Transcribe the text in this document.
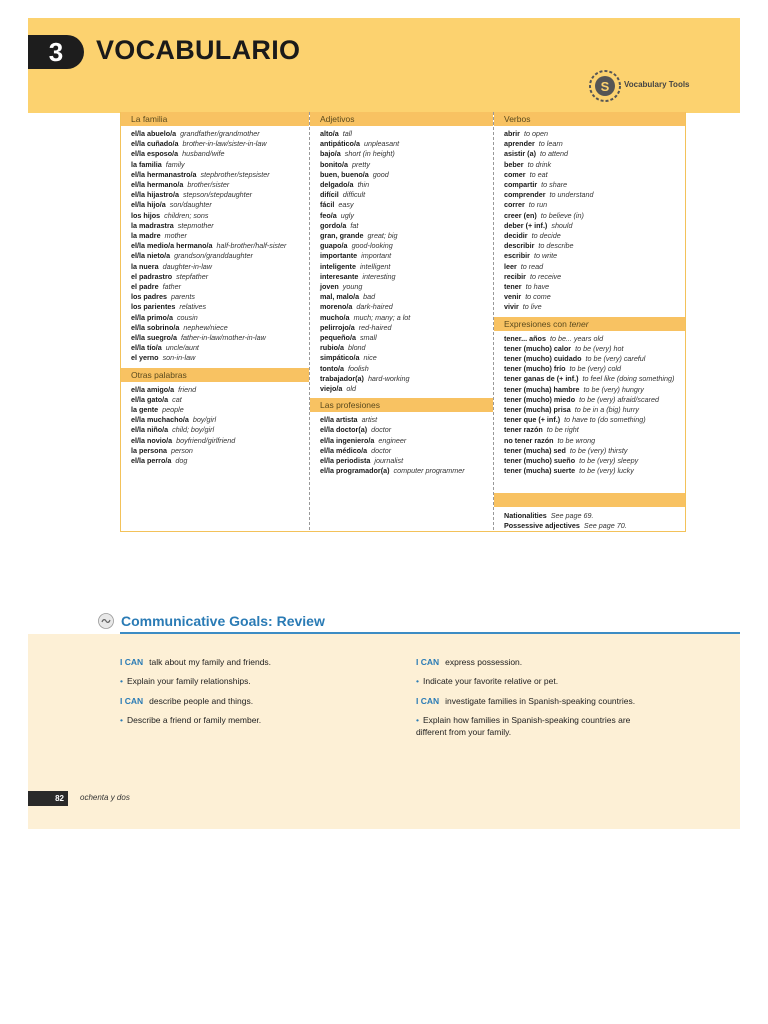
3	VOCABULARIO
S Vocabulary Tools
La familia
el/la abuelo/a grandfather/grandmother
el/la cuñado/a brother-in-law/sister-in-law
el/la esposo/a husband/wife
la familia family
el/la hermanastro/a stepbrother/stepsister
el/la hermano/a brother/sister
el/la hijastro/a stepson/stepdaughter
el/la hijo/a son/daughter
los hijos children; sons
la madrastra stepmother
la madre mother
el/la medio/a hermano/a half-brother/half-sister
el/la nieto/a grandson/granddaughter
la nuera daughter-in-law
el padrastro stepfather
el padre father
los padres parents
los parientes relatives
el/la primo/a cousin
el/la sobrino/a nephew/niece
el/la suegro/a father-in-law/mother-in-law
el/la tío/a uncle/aunt
el yerno son-in-law
Otras palabras
el/la amigo/a friend
el/la gato/a cat
la gente people
el/la muchacho/a boy/girl
el/la niño/a child; boy/girl
el/la novio/a boyfriend/girlfriend
la persona person
el/la perro/a dog
Adjetivos
alto/a tall
antipático/a unpleasant
bajo/a short (in height)
bonito/a pretty
buen, bueno/a good
delgado/a thin
difícil difficult
fácil easy
feo/a ugly
gordo/a fat
gran, grande great; big
guapo/a good-looking
importante important
inteligente intelligent
interesante interesting
joven young
mal, malo/a bad
moreno/a dark-haired
mucho/a much; many; a lot
pelirrojo/a red-haired
pequeño/a small
rubio/a blond
simpático/a nice
tonto/a foolish
trabajador(a) hard-working
viejo/a old
Las profesiones
el/la artista artist
el/la doctor(a) doctor
el/la ingeniero/a engineer
el/la médico/a doctor
el/la periodista journalist
el/la programador(a) computer programmer
Verbos
abrir to open
aprender to learn
asistir (a) to attend
beber to drink
comer to eat
compartir to share
comprender to understand
correr to run
creer (en) to believe (in)
deber (+ inf.) should
decidir to decide
describir to describe
escribir to write
leer to read
recibir to receive
tener to have
venir to come
vivir to live
Expresiones con tener
tener... años to be... years old
tener (mucho) calor to be (very) hot
tener (mucho) cuidado to be (very) careful
tener (mucho) frío to be (very) cold
tener ganas de (+ inf.) to feel like (doing something)
tener (mucha) hambre to be (very) hungry
tener (mucho) miedo to be (very) afraid/scared
tener (mucha) prisa to be in a (big) hurry
tener que (+ inf.) to have to (do something)
tener razón to be right
no tener razón to be wrong
tener (mucha) sed to be (very) thirsty
tener (mucho) sueño to be (very) sleepy
tener (mucha) suerte to be (very) lucky
Nationalities See page 69.
Possessive adjectives See page 70.
Communicative Goals: Review
I CAN talk about my family and friends.
• Explain your family relationships.
I CAN describe people and things.
• Describe a friend or family member.
I CAN express possession.
• Indicate your favorite relative or pet.
I CAN investigate families in Spanish-speaking countries.
• Explain how families in Spanish-speaking countries are different from your family.
82	ochenta y dos
